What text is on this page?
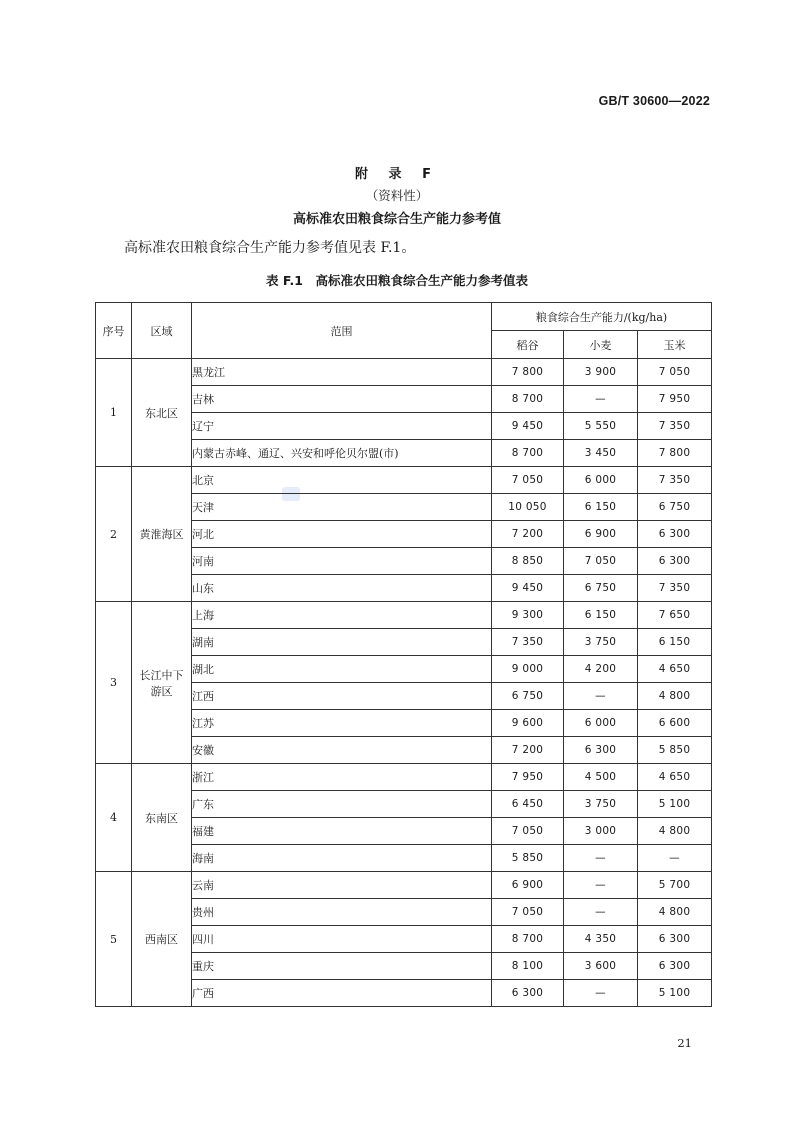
GB/T 30600—2022
附 录 F
（资料性）
高标准农田粮食综合生产能力参考值
高标准农田粮食综合生产能力参考值见表 F.1。
表 F.1　高标准农田粮食综合生产能力参考值表
序号	区域	范围	粮食综合生产能力/(kg/ha)		
			稻谷	小麦	玉米
1	东北区	黑龙江	7 800	3 900	7 050
		吉林	8 700	—	7 950
		辽宁	9 450	5 550	7 350
		内蒙古赤峰、通辽、兴安和呼伦贝尔盟(市)	8 700	3 450	7 800
2	黄淮海区	北京	7 050	6 000	7 350
		天津	10 050	6 150	6 750
		河北	7 200	6 900	6 300
		河南	8 850	7 050	6 300
		山东	9 450	6 750	7 350
3	长江中下游区	上海	9 300	6 150	7 650
		湖南	7 350	3 750	6 150
		湖北	9 000	4 200	4 650
		江西	6 750	—	4 800
		江苏	9 600	6 000	6 600
		安徽	7 200	6 300	5 850
4	东南区	浙江	7 950	4 500	4 650
		广东	6 450	3 750	5 100
		福建	7 050	3 000	4 800
		海南	5 850	—	—
5	西南区	云南	6 900	—	5 700
		贵州	7 050	—	4 800
		四川	8 700	4 350	6 300
		重庆	8 100	3 600	6 300
		广西	6 300	—	5 100
21
